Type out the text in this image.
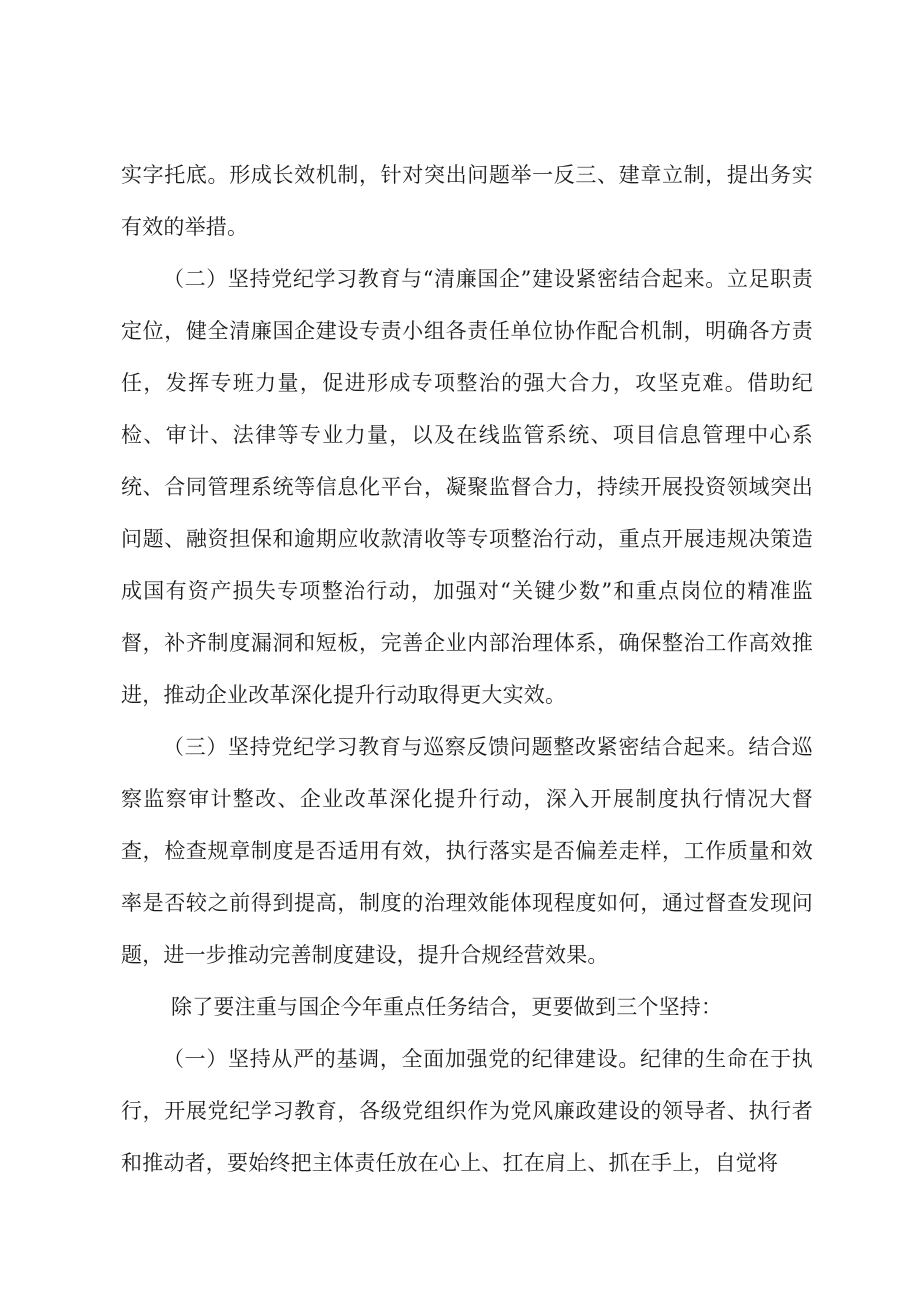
实字托底。形成长效机制，针对突出问题举一反三、建章立制，提出务实有效的举措。

（二）坚持党纪学习教育与“清廉国企”建设紧密结合起来。立足职责定位，健全清廉国企建设专责小组各责任单位协作配合机制，明确各方责任，发挥专班力量，促进形成专项整治的强大合力，攻坚克难。借助纪检、审计、法律等专业力量，以及在线监管系统、项目信息管理中心系统、合同管理系统等信息化平台，凝聚监督合力，持续开展投资领域突出问题、融资担保和逾期应收款清收等专项整治行动，重点开展违规决策造成国有资产损失专项整治行动，加强对“关键少数”和重点岗位的精准监督，补齐制度漏洞和短板，完善企业内部治理体系，确保整治工作高效推进，推动企业改革深化提升行动取得更大实效。

（三）坚持党纪学习教育与巡察反馈问题整改紧密结合起来。结合巡察监察审计整改、企业改革深化提升行动，深入开展制度执行情况大督查，检查规章制度是否适用有效，执行落实是否偏差走样，工作质量和效率是否较之前得到提高，制度的治理效能体现程度如何，通过督查发现问题，进一步推动完善制度建设，提升合规经营效果。

除了要注重与国企今年重点任务结合，更要做到三个坚持：

（一）坚持从严的基调，全面加强党的纪律建设。纪律的生命在于执行，开展党纪学习教育，各级党组织作为党风廉政建设的领导者、执行者和推动者，要始终把主体责任放在心上、扛在肩上、抓在手上，自觉将
